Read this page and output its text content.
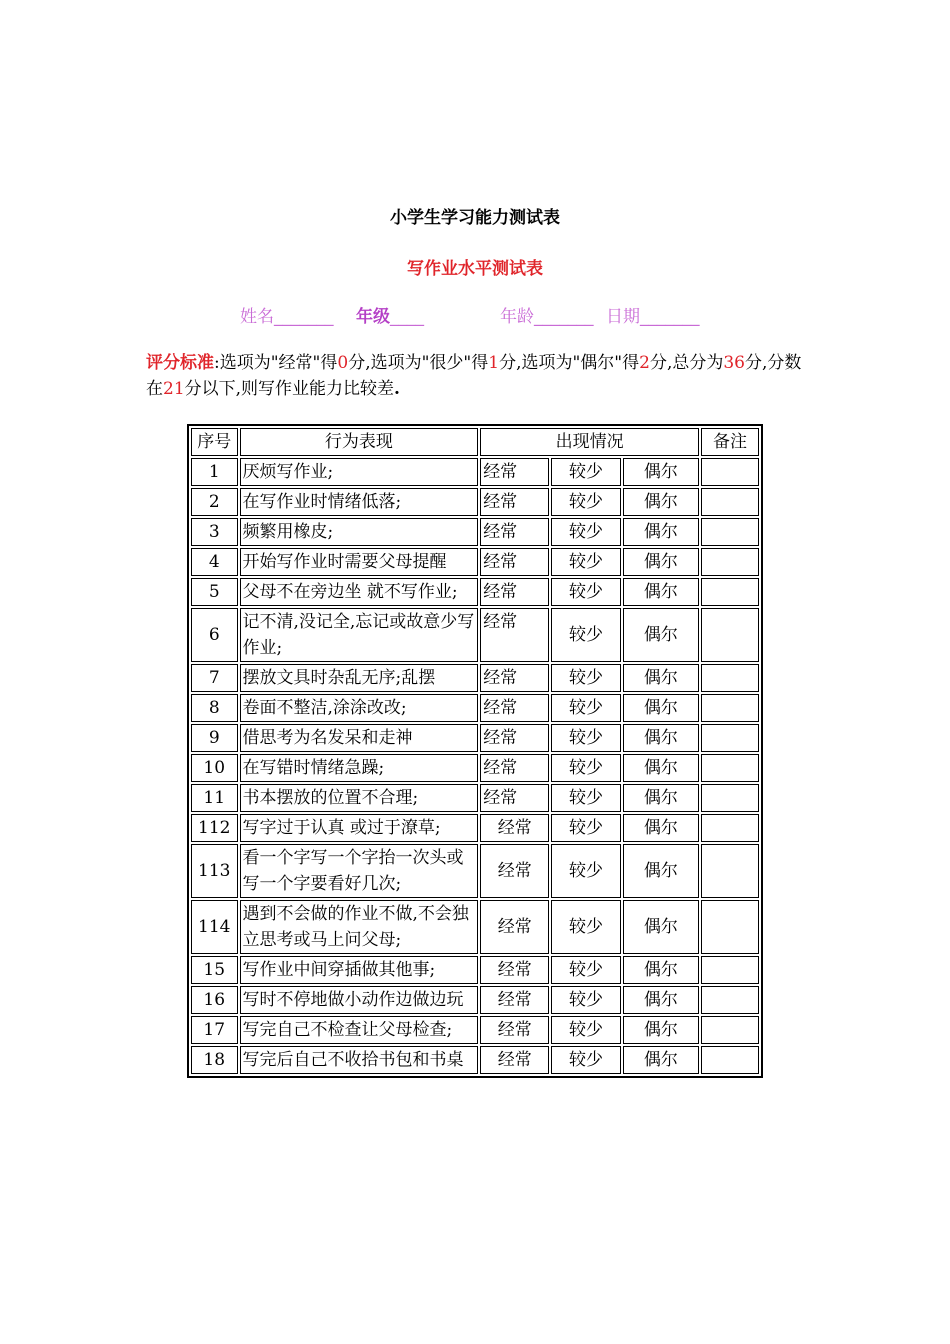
小学生学习能力测试表
写作业水平测试表
姓名_______ 年级____	年龄_______ 日期_______
评分标准:选项为"经常"得0分,选项为"很少"得1分,选项为"偶尔"得2分,总分为36分,分数在21分以下,则写作业能力比较差.
序号	行为表现	出现情况			备注
1	厌烦写作业;	经常	较少	偶尔	
2	在写作业时情绪低落;	经常	较少	偶尔	
3	频繁用橡皮;	经常	较少	偶尔	
4	开始写作业时需要父母提醒	经常	较少	偶尔	
5	父母不在旁边坐 就不写作业;	经常	较少	偶尔	
6	记不清,没记全,忘记或故意少写作业;	经常	较少	偶尔	
7	摆放文具时杂乱无序;乱摆	经常	较少	偶尔	
8	卷面不整洁,涂涂改改;	经常	较少	偶尔	
9	借思考为名发呆和走神	经常	较少	偶尔	
10	在写错时情绪急躁;	经常	较少	偶尔	
11	书本摆放的位置不合理;	经常	较少	偶尔	
112	写字过于认真 或过于潦草;	经常	较少	偶尔	
113	看一个字写一个字抬一次头或写一个字要看好几次;	经常	较少	偶尔	
114	遇到不会做的作业不做,不会独立思考或马上问父母;	经常	较少	偶尔	
15	写作业中间穿插做其他事;	经常	较少	偶尔	
16	写时不停地做小动作边做边玩	经常	较少	偶尔	
17	写完自己不检查让父母检查;	经常	较少	偶尔	
18	写完后自己不收拾书包和书桌	经常	较少	偶尔	
